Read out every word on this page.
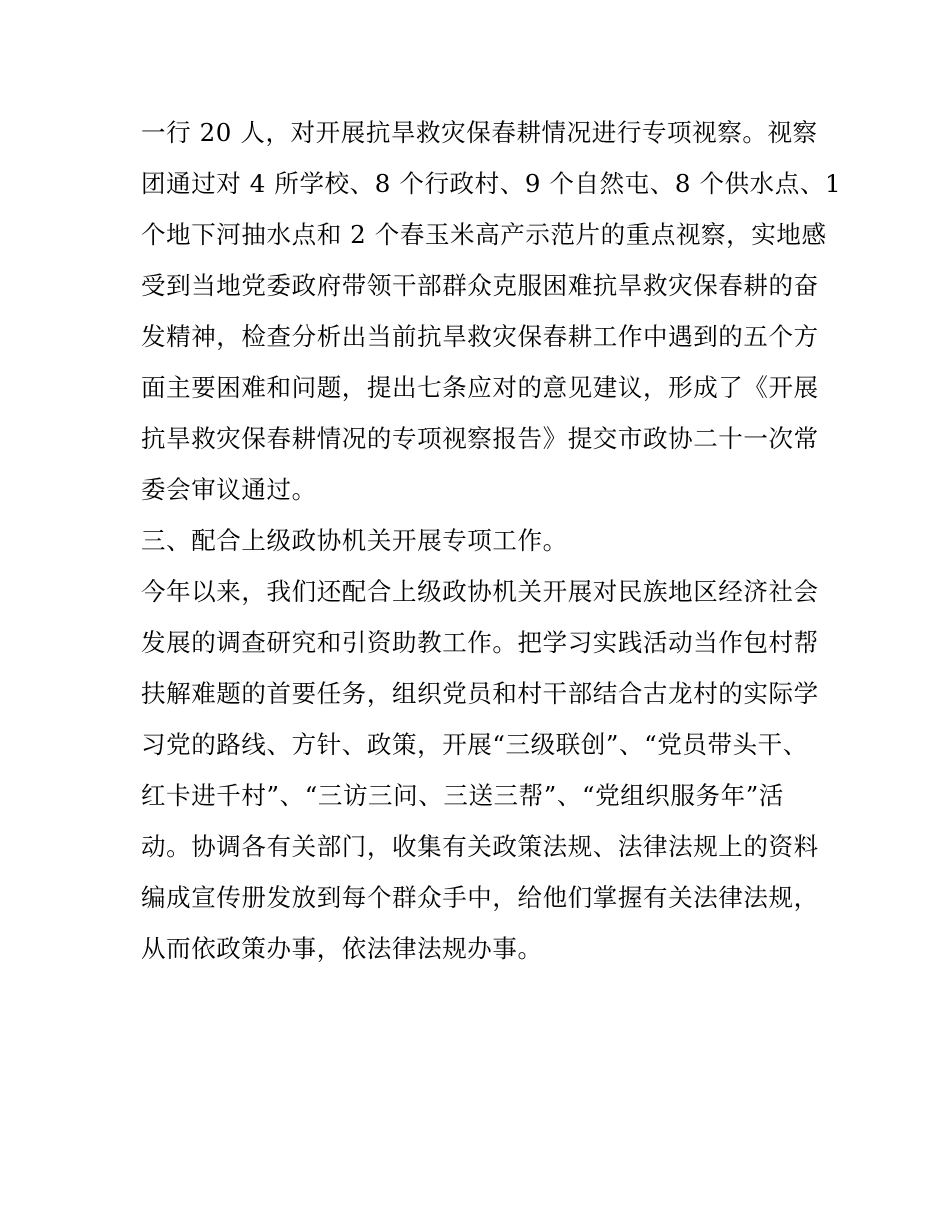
一行 20 人，对开展抗旱救灾保春耕情况进行专项视察。视察
团通过对 4 所学校、8 个行政村、9 个自然屯、8 个供水点、1
个地下河抽水点和 2 个春玉米高产示范片的重点视察，实地感
受到当地党委政府带领干部群众克服困难抗旱救灾保春耕的奋
发精神，检查分析出当前抗旱救灾保春耕工作中遇到的五个方
面主要困难和问题，提出七条应对的意见建议，形成了《开展
抗旱救灾保春耕情况的专项视察报告》提交市政协二十一次常
委会审议通过。
三、配合上级政协机关开展专项工作。
今年以来，我们还配合上级政协机关开展对民族地区经济社会
发展的调查研究和引资助教工作。把学习实践活动当作包村帮
扶解难题的首要任务，组织党员和村干部结合古龙村的实际学
习党的路线、方针、政策，开展“三级联创”、“党员带头干、
红卡进千村”、“三访三问、三送三帮”、“党组织服务年”活
动。协调各有关部门，收集有关政策法规、法律法规上的资料
编成宣传册发放到每个群众手中，给他们掌握有关法律法规，
从而依政策办事，依法律法规办事。
